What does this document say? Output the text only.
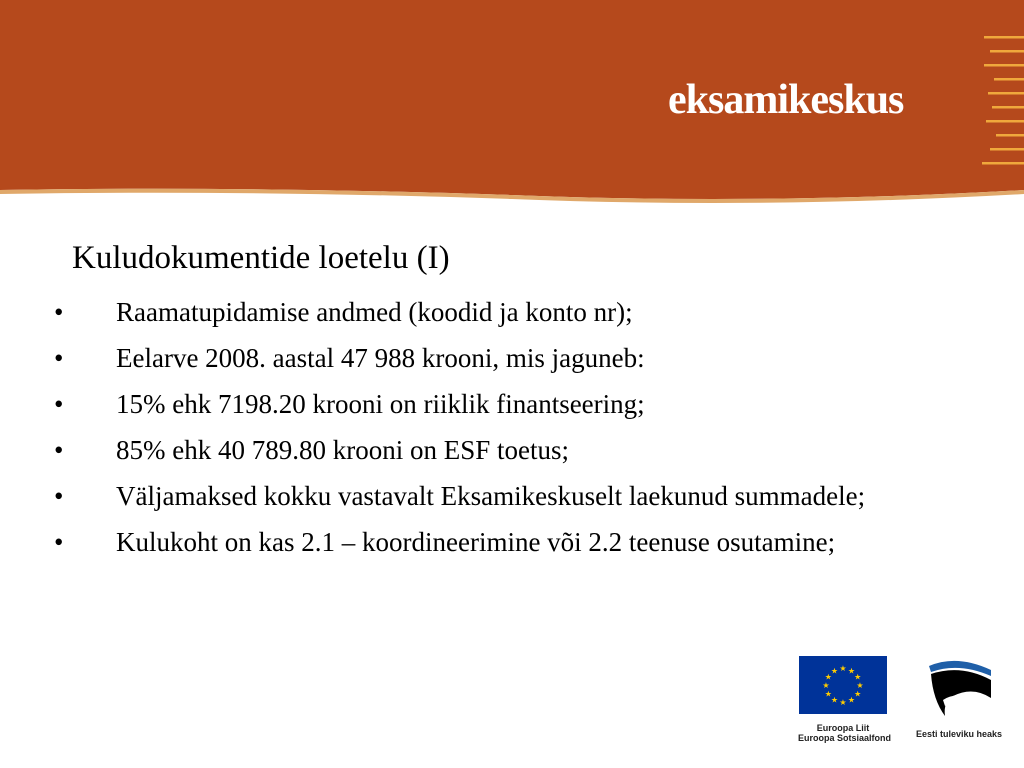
eksamikeskus
Kuludokumentide loetelu (I)
• Raamatupidamise andmed (koodid ja konto nr);
• Eelarve 2008. aastal 47 988 krooni, mis jaguneb:
• 15% ehk 7198.20 krooni on riiklik finantseering;
• 85% ehk 40 789.80 krooni on ESF toetus;
• Väljamaksed kokku vastavalt Eksamikeskuselt laekunud summadele;
• Kulukoht on kas 2.1 – koordineerimine või 2.2 teenuse osutamine;
★ ★
★
★
★
★
★
★
★
★
★
★
Euroopa Liit
Euroopa Sotsiaalfond	Eesti tuleviku heaks
